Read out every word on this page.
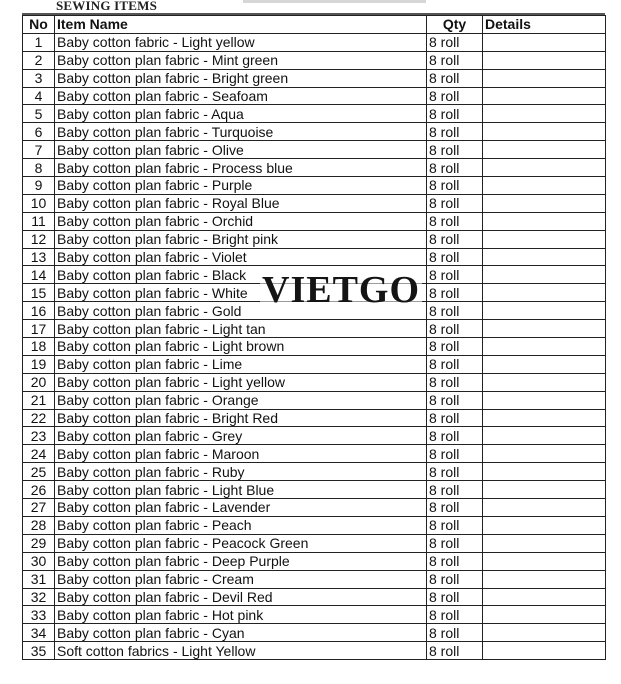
SEWING ITEMS
No	Item Name	Qty	Details
1	Baby cotton fabric - Light yellow	8 roll	
2	Baby cotton plan fabric - Mint green	8 roll	
3	Baby cotton plan fabric - Bright green	8 roll	
4	Baby cotton plan fabric - Seafoam	8 roll	
5	Baby cotton plan fabric - Aqua	8 roll	
6	Baby cotton plan fabric - Turquoise	8 roll	
7	Baby cotton plan fabric - Olive	8 roll	
8	Baby cotton plan fabric - Process blue	8 roll	
9	Baby cotton plan fabric - Purple	8 roll	
10	Baby cotton plan fabric - Royal Blue	8 roll	
11	Baby cotton plan fabric - Orchid	8 roll	
12	Baby cotton plan fabric - Bright pink	8 roll	
13	Baby cotton plan fabric - Violet	8 roll	
14	Baby cotton plan fabric - Black	8 roll	
15	Baby cotton plan fabric - White	8 roll	
16	Baby cotton plan fabric - Gold	8 roll	
17	Baby cotton plan fabric - Light tan	8 roll	
18	Baby cotton plan fabric - Light brown	8 roll	
19	Baby cotton plan fabric - Lime	8 roll	
20	Baby cotton plan fabric - Light yellow	8 roll	
21	Baby cotton plan fabric - Orange	8 roll	
22	Baby cotton plan fabric - Bright Red	8 roll	
23	Baby cotton plan fabric - Grey	8 roll	
24	Baby cotton plan fabric - Maroon	8 roll	
25	Baby cotton plan fabric - Ruby	8 roll	
26	Baby cotton plan fabric - Light Blue	8 roll	
27	Baby cotton plan fabric - Lavender	8 roll	
28	Baby cotton plan fabric - Peach	8 roll	
29	Baby cotton plan fabric - Peacock Green	8 roll	
30	Baby cotton plan fabric - Deep Purple	8 roll	
31	Baby cotton plan fabric - Cream	8 roll	
32	Baby cotton plan fabric - Devil Red	8 roll	
33	Baby cotton plan fabric - Hot pink	8 roll	
34	Baby cotton plan fabric - Cyan	8 roll	
35	Soft cotton fabrics - Light Yellow	8 roll	
VIETGO
